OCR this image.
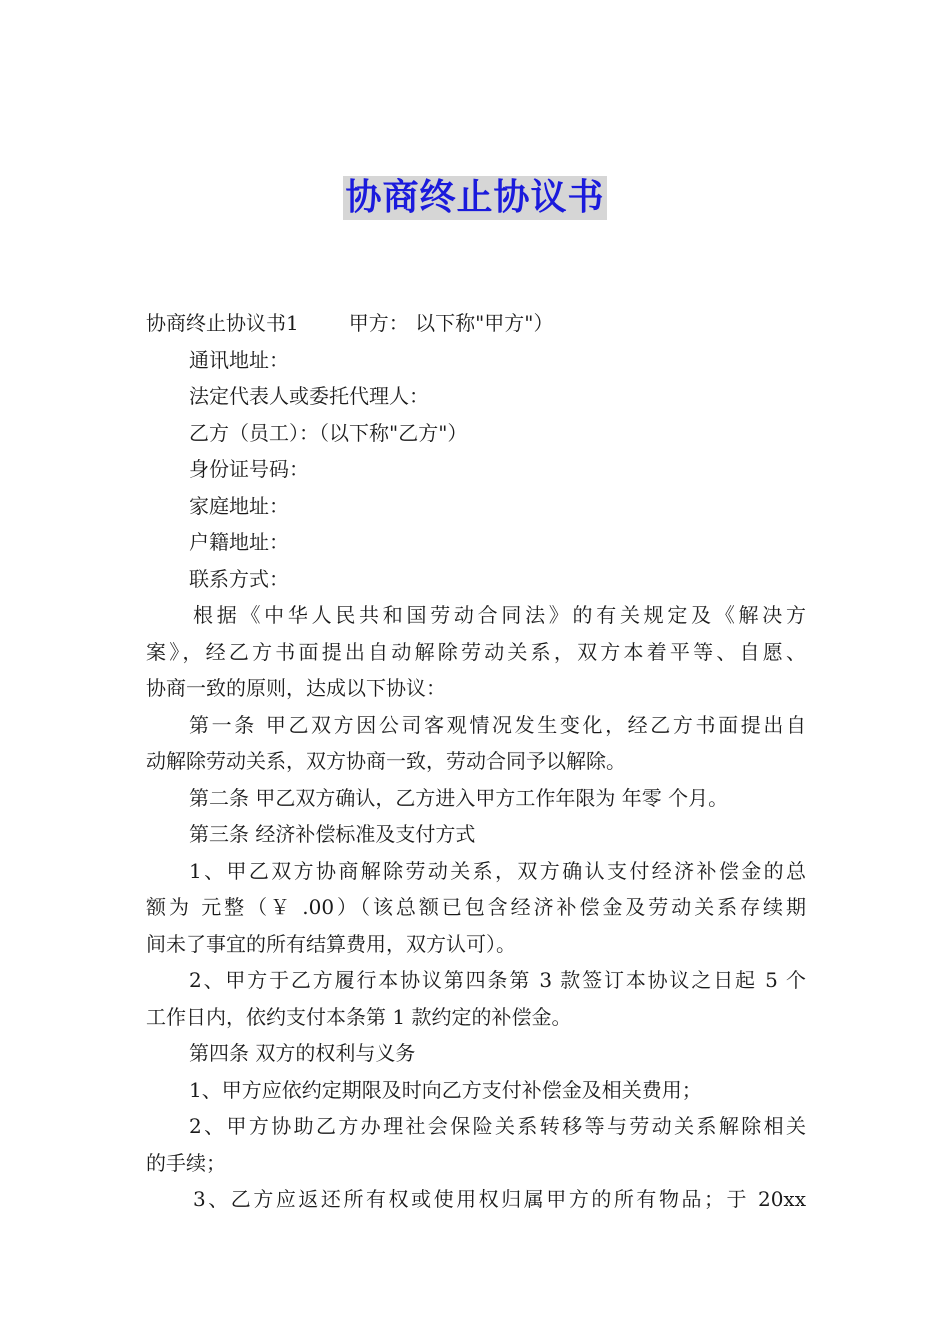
协商终止协议书
协商终止协议书1	甲方： 以下称"甲方"）
通讯地址：
法定代表人或委托代理人：
乙方（员工）：（以下称"乙方"）
身份证号码：
家庭地址：
户籍地址：
联系方式：
根据《中华人民共和国劳动合同法》的有关规定及《解决方
案》，经乙方书面提出自动解除劳动关系，双方本着平等、自愿、
协商一致的原则，达成以下协议：
第一条 甲乙双方因公司客观情况发生变化，经乙方书面提出自
动解除劳动关系，双方协商一致，劳动合同予以解除。
第二条 甲乙双方确认，乙方进入甲方工作年限为 年零 个月。
第三条 经济补偿标准及支付方式
1、甲乙双方协商解除劳动关系，双方确认支付经济补偿金的总
额为 元整（￥ .00）（该总额已包含经济补偿金及劳动关系存续期
间未了事宜的所有结算费用，双方认可）。
2、甲方于乙方履行本协议第四条第 3 款签订本协议之日起 5 个
工作日内，依约支付本条第 1 款约定的补偿金。
第四条 双方的权利与义务
1、甲方应依约定期限及时向乙方支付补偿金及相关费用；
2、甲方协助乙方办理社会保险关系转移等与劳动关系解除相关
的手续；
3、乙方应返还所有权或使用权归属甲方的所有物品；于 20xx
